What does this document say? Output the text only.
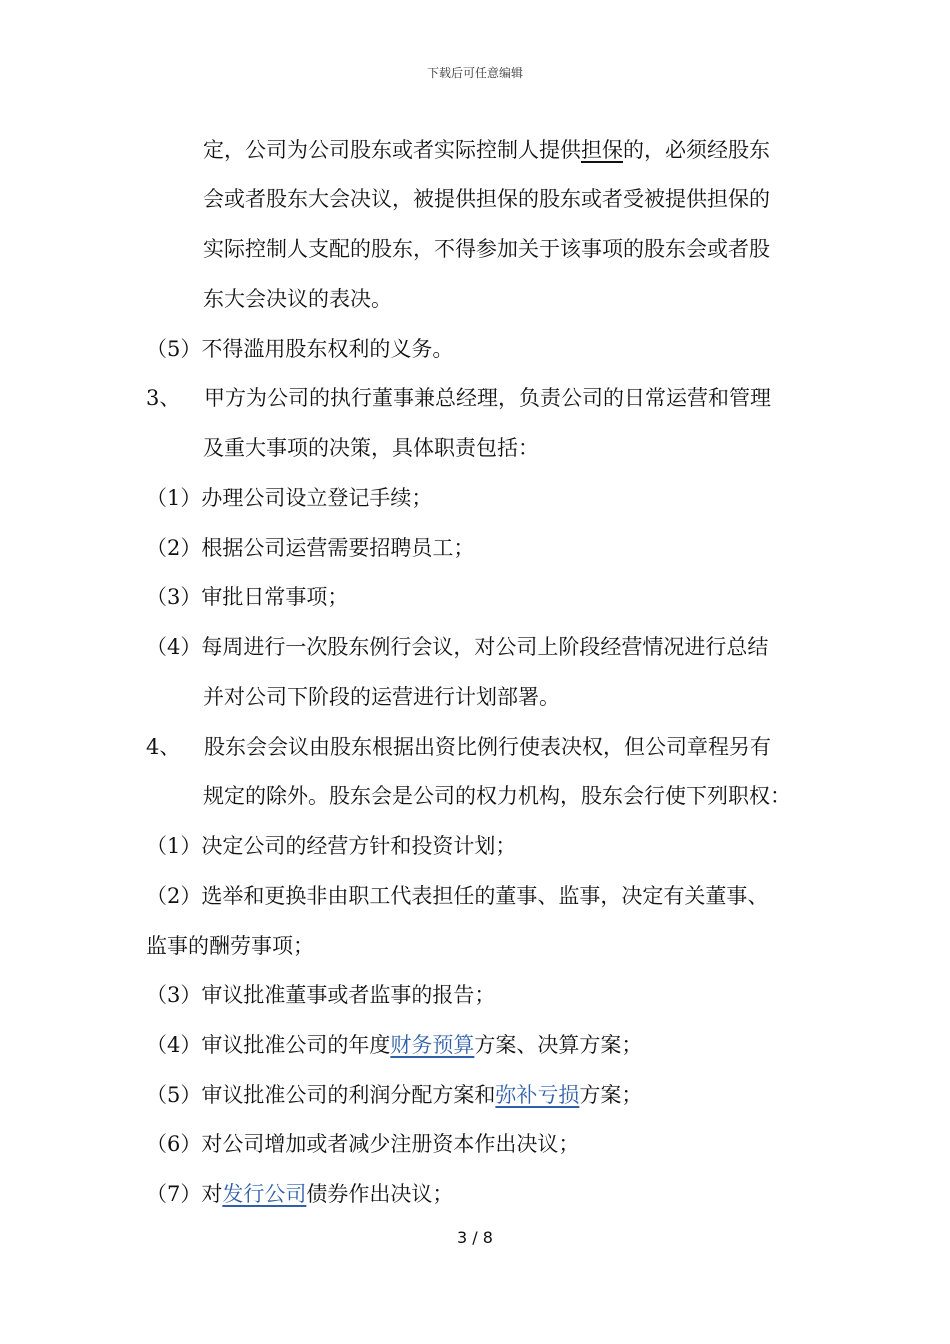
下载后可任意编辑
定，公司为公司股东或者实际控制人提供担保的，必须经股东
会或者股东大会决议，被提供担保的股东或者受被提供担保的
实际控制人支配的股东，不得参加关于该事项的股东会或者股
东大会决议的表决。
（5）不得滥用股东权利的义务。
3、 甲方为公司的执行董事兼总经理，负责公司的日常运营和管理
及重大事项的决策，具体职责包括：
（1）办理公司设立登记手续；
（2）根据公司运营需要招聘员工；
（3）审批日常事项；
（4）每周进行一次股东例行会议，对公司上阶段经营情况进行总结
并对公司下阶段的运营进行计划部署。
4、 股东会会议由股东根据出资比例行使表决权，但公司章程另有
规定的除外。股东会是公司的权力机构，股东会行使下列职权：
（1）决定公司的经营方针和投资计划；
（2）选举和更换非由职工代表担任的董事、监事，决定有关董事、
监事的酬劳事项；
（3）审议批准董事或者监事的报告；
（4）审议批准公司的年度财务预算方案、决算方案；
（5）审议批准公司的利润分配方案和弥补亏损方案；
（6）对公司增加或者减少注册资本作出决议；
（7）对发行公司债券作出决议；
3 / 8
